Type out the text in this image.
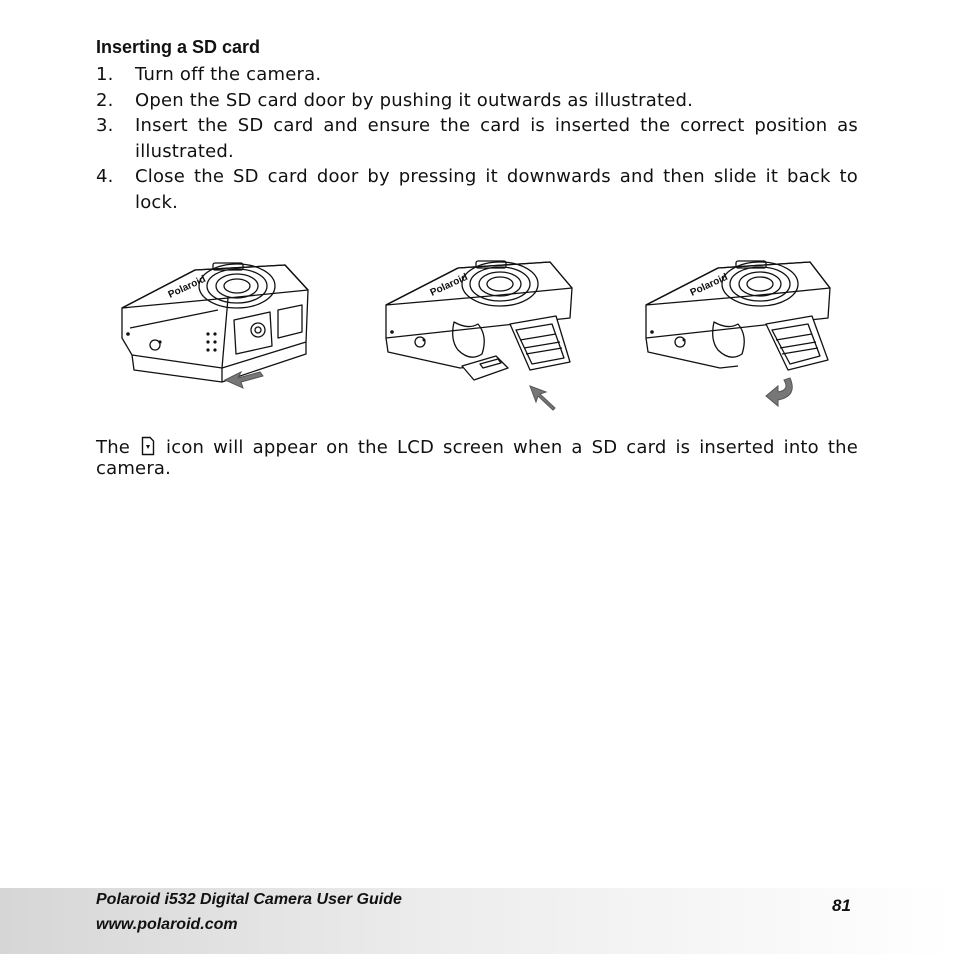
Inserting a SD card
1. Turn off the camera.
2. Open the SD card door by pushing it outwards as illustrated.
3. Insert the SD card and ensure the card is inserted the correct position as illustrated.
4. Close the SD card door by pressing it downwards and then slide it back to lock.
Polaroid	Polaroid	Polaroid

The icon will appear on the LCD screen when a SD card is inserted into the camera.

Polaroid i532 Digital Camera User Guide
www.polaroid.com
81
